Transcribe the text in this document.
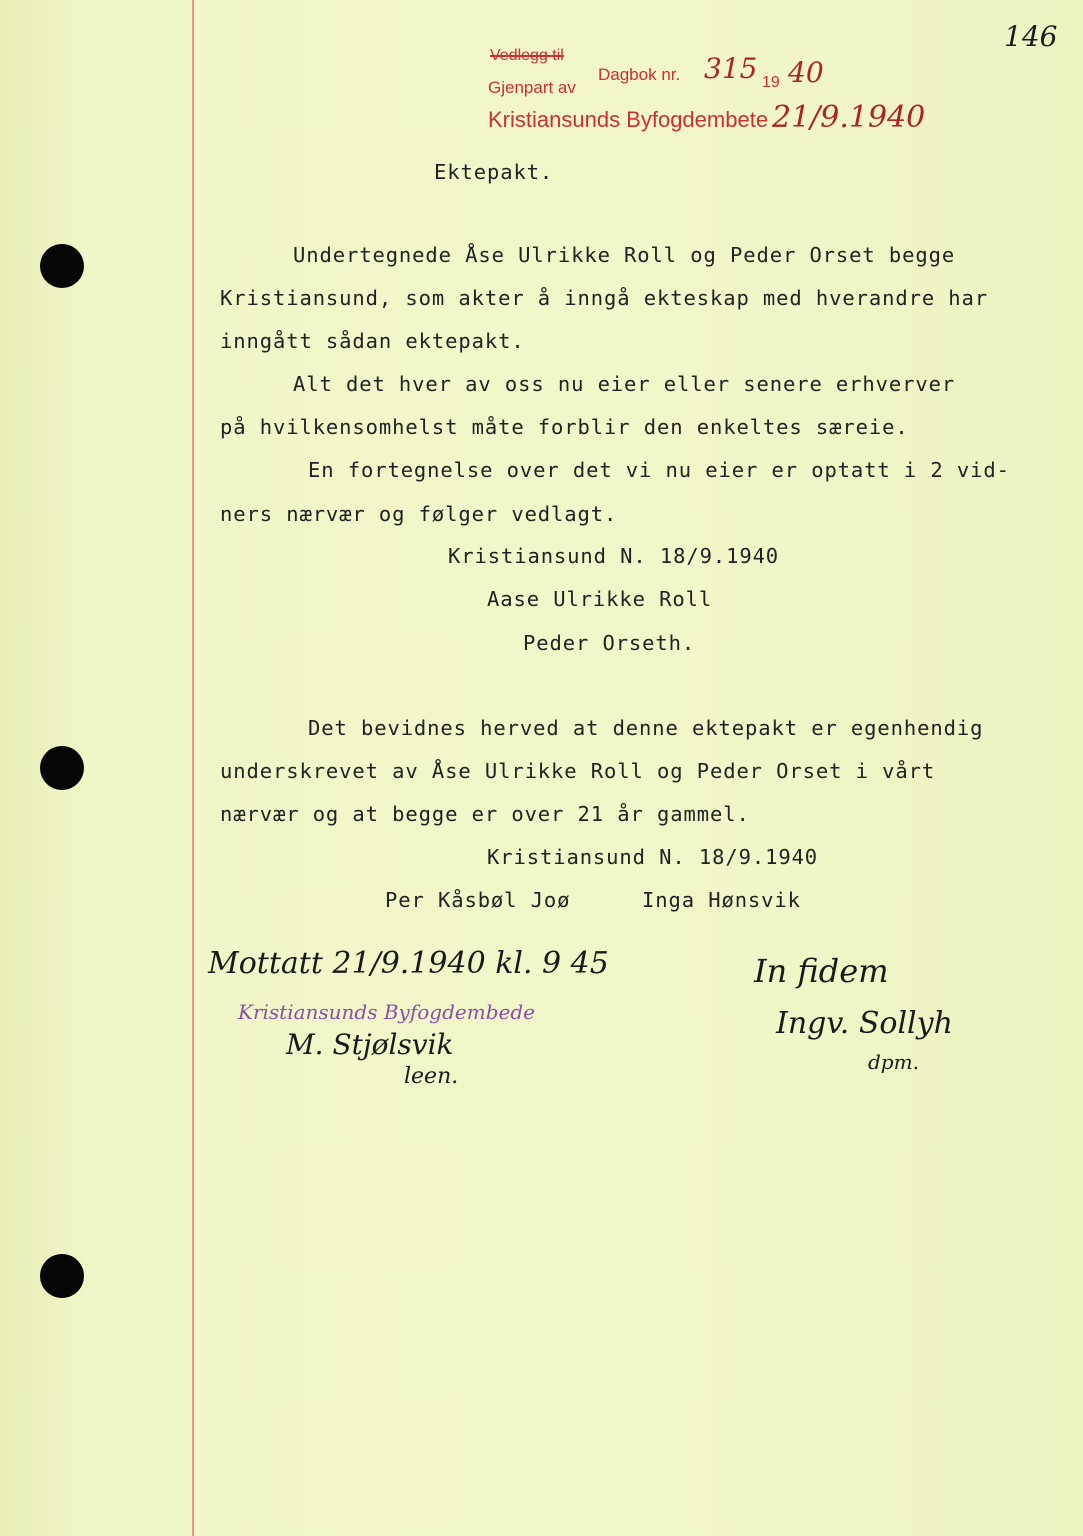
Vedlegg til
Gjenpart av
Dagbok nr. 315 19 40
Kristiansunds Byfogdembete 21/9.1940
146
Ektepakt.
Undertegnede Åse Ulrikke Roll og Peder Orset begge
Kristiansund, som akter å inngå ekteskap med hverandre har
inngått sådan ektepakt.
Alt det hver av oss nu eier eller senere erhverver
på hvilkensomhelst måte forblir den enkeltes særeie.
En fortegnelse over det vi nu eier er optatt i 2 vid-
ners nærvær og følger vedlagt.
Kristiansund N. 18/9.1940
Aase Ulrikke Roll
Peder Orseth.
Det bevidnes herved at denne ektepakt er egenhendig
underskrevet av Åse Ulrikke Roll og Peder Orset i vårt
nærvær og at begge er over 21 år gammel.
Kristiansund N. 18/9.1940
Per Kåsbøl Joø	Inga Hønsvik
Mottatt 21/9.1940 kl. 9 45
Kristiansunds Byfogdembede
M. Stjølsvik
leen.
In fidem
Ingv. Sollyh
dpm.
